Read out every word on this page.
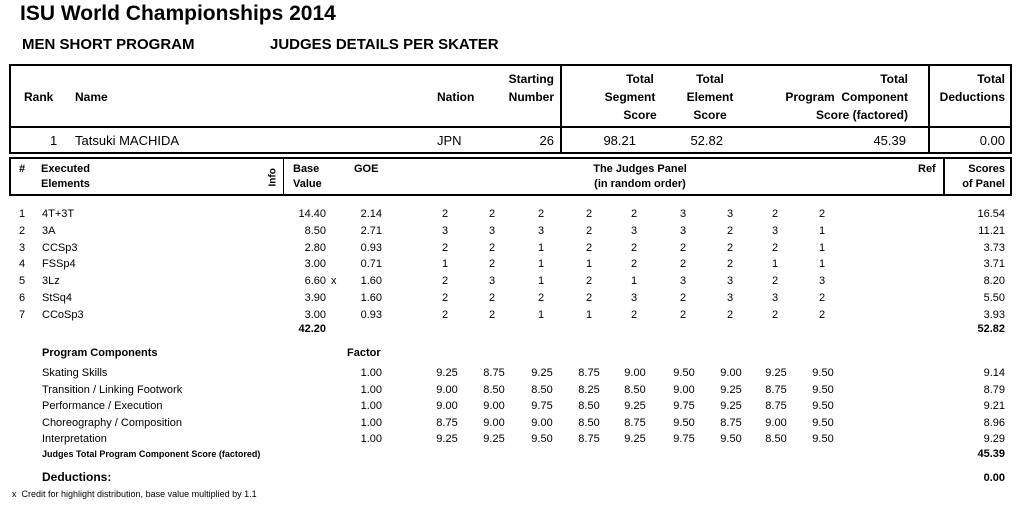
ISU World Championships 2014
MEN SHORT PROGRAM	JUDGES DETAILS PER SKATER
Rank Name	Nation
Starting
Number
Total
Segment
Score
Total
Element
Score
Total
Program  Component
Score (factored)
Total
Deductions
1 Tatsuki MACHIDA	JPN	26	98.21	52.82	45.39	0.00
# Executed
Elements	Info Base
Value
GOE	The Judges Panel
(in random order)
Ref	Scores
of Panel
1 4T+3T	14.40	2.14	2	2	2	2	2	3	3	2	2	16.54
2 3A	8.50	2.71	3	3	3	2	3	3	2	3	1	11.21
3 CCSp3	2.80	0.93	2	2	1	2	2	2	2	2	1	3.73
4 FSSp4	3.00	0.71	1	2	1	1	2	2	2	1	1	3.71
5 3Lz	6.60 x	1.60	2	3	1	2	1	3	3	2	3	8.20
6 StSq4	3.90	1.60	2	2	2	2	3	2	3	3	2	5.50
7 CCoSp3	3.00	0.93	2	2	1	1	2	2	2	2	2	3.93
42.20	52.82
Program Components	Factor
Skating Skills	1.00	9.25	8.75	9.25	8.75	9.00	9.50	9.00	9.25	9.50	9.14
Transition / Linking Footwork	1.00	9.00	8.50	8.50	8.25	8.50	9.00	9.25	8.75	9.50	8.79
Performance / Execution	1.00	9.00	9.00	9.75	8.50	9.25	9.75	9.25	8.75	9.50	9.21
Choreography / Composition	1.00	8.75	9.00	9.00	8.50	8.75	9.50	8.75	9.00	9.50	8.96
Interpretation	1.00	9.25	9.25	9.50	8.75	9.25	9.75	9.50	8.50	9.50	9.29
Judges Total Program Component Score (factored)	45.39
Deductions:	0.00
x  Credit for highlight distribution, base value multiplied by 1.1
